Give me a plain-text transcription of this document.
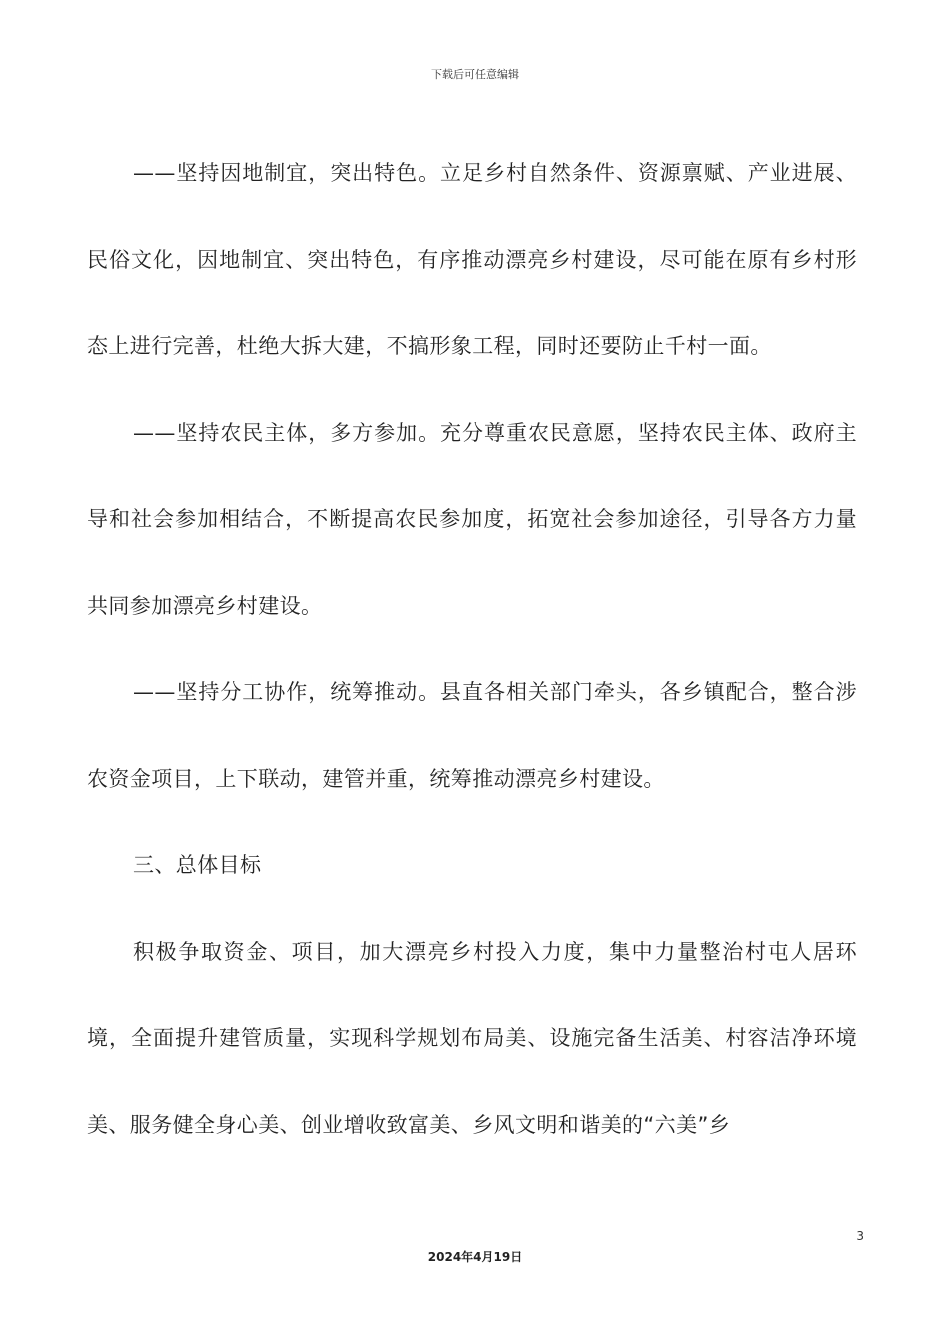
下载后可任意编辑

——坚持因地制宜，突出特色。立足乡村自然条件、资源禀赋、产业进展、民俗文化，因地制宜、突出特色，有序推动漂亮乡村建设，尽可能在原有乡村形态上进行完善，杜绝大拆大建，不搞形象工程，同时还要防止千村一面。

——坚持农民主体，多方参加。充分尊重农民意愿，坚持农民主体、政府主导和社会参加相结合，不断提高农民参加度，拓宽社会参加途径，引导各方力量共同参加漂亮乡村建设。

——坚持分工协作，统筹推动。县直各相关部门牵头，各乡镇配合，整合涉农资金项目，上下联动，建管并重，统筹推动漂亮乡村建设。

三、总体目标

积极争取资金、项目，加大漂亮乡村投入力度，集中力量整治村屯人居环境，全面提升建管质量，实现科学规划布局美、设施完备生活美、村容洁净环境美、服务健全身心美、创业增收致富美、乡风文明和谐美的“六美”乡

3
2024年4月19日
